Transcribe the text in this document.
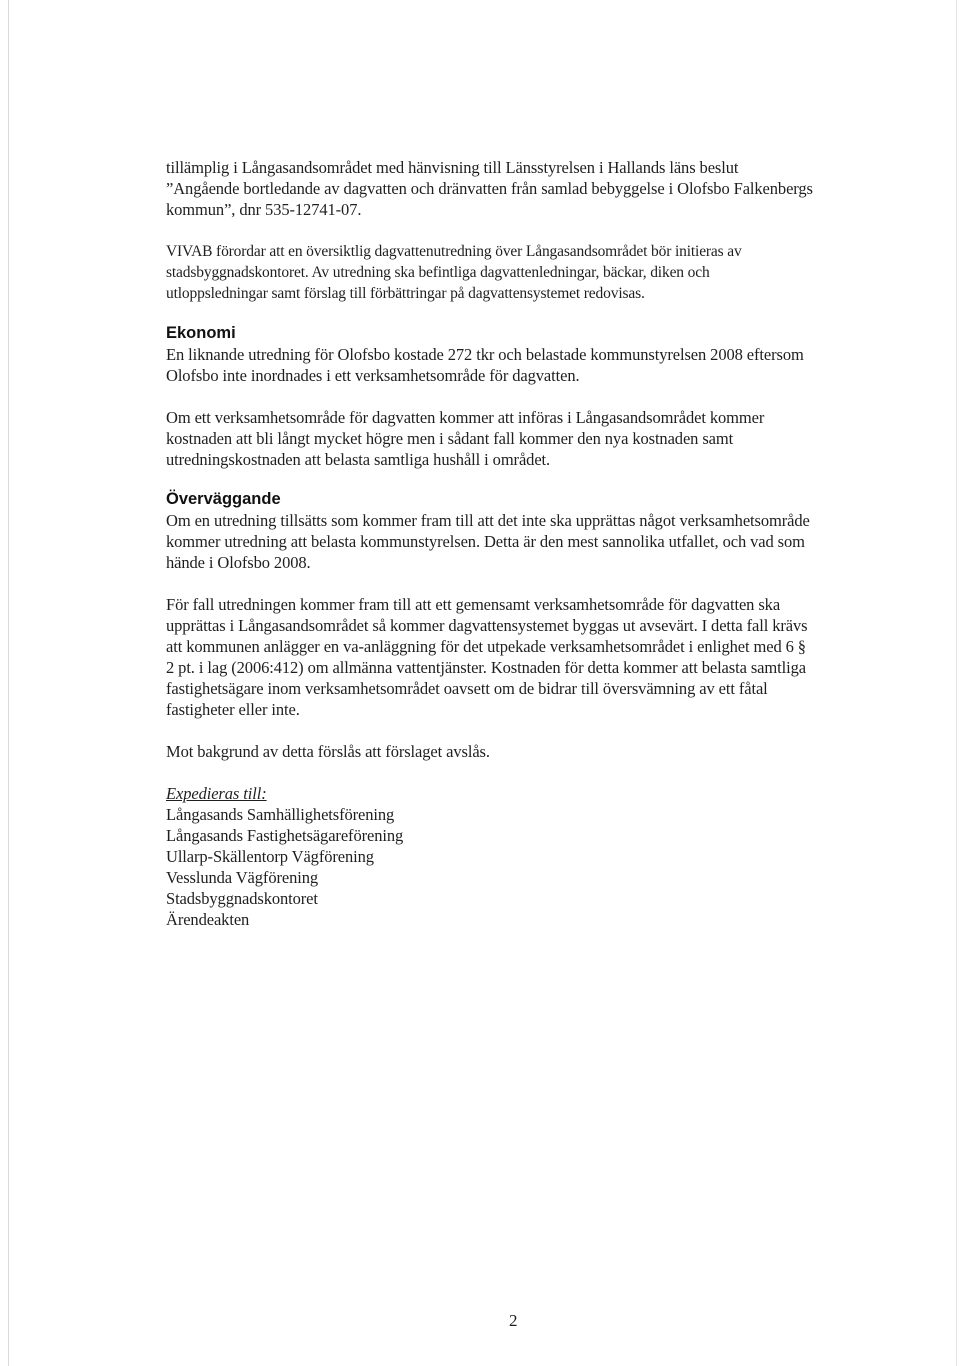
tillämplig i Långasandsområdet med hänvisning till Länsstyrelsen i Hallands läns beslut
”Angående bortledande av dagvatten och dränvatten från samlad bebyggelse i Olofsbo Falkenbergs
kommun”, dnr 535-12741-07.

VIVAB förordar att en översiktlig dagvattenutredning över Långasandsområdet bör initieras av
stadsbyggnadskontoret. Av utredning ska befintliga dagvattenledningar, bäckar, diken och
utloppsledningar samt förslag till förbättringar på dagvattensystemet redovisas.

Ekonomi

En liknande utredning för Olofsbo kostade 272 tkr och belastade kommunstyrelsen 2008 eftersom
Olofsbo inte inordnades i ett verksamhetsområde för dagvatten.

Om ett verksamhetsområde för dagvatten kommer att införas i Långasandsområdet kommer
kostnaden att bli långt mycket högre men i sådant fall kommer den nya kostnaden samt
utredningskostnaden att belasta samtliga hushåll i området.

Överväggande

Om en utredning tillsätts som kommer fram till att det inte ska upprättas något verksamhetsområde
kommer utredning att belasta kommunstyrelsen. Detta är den mest sannolika utfallet, och vad som
hände i Olofsbo 2008.

För fall utredningen kommer fram till att ett gemensamt verksamhetsområde för dagvatten ska
upprättas i Långasandsområdet så kommer dagvattensystemet byggas ut avsevärt. I detta fall krävs
att kommunen anlägger en va-anläggning för det utpekade verksamhetsområdet i enlighet med 6 §
2 pt. i lag (2006:412) om allmänna vattentjänster. Kostnaden för detta kommer att belasta samtliga
fastighetsägare inom verksamhetsområdet oavsett om de bidrar till översvämning av ett fåtal
fastigheter eller inte.

Mot bakgrund av detta förslås att förslaget avslås.

Expedieras till:
Långasands Samhällighetsförening
Långasands Fastighetsägareförening
Ullarp-Skällentorp Vägförening
Vesslunda Vägförening
Stadsbyggnadskontoret
Ärendeakten

2
